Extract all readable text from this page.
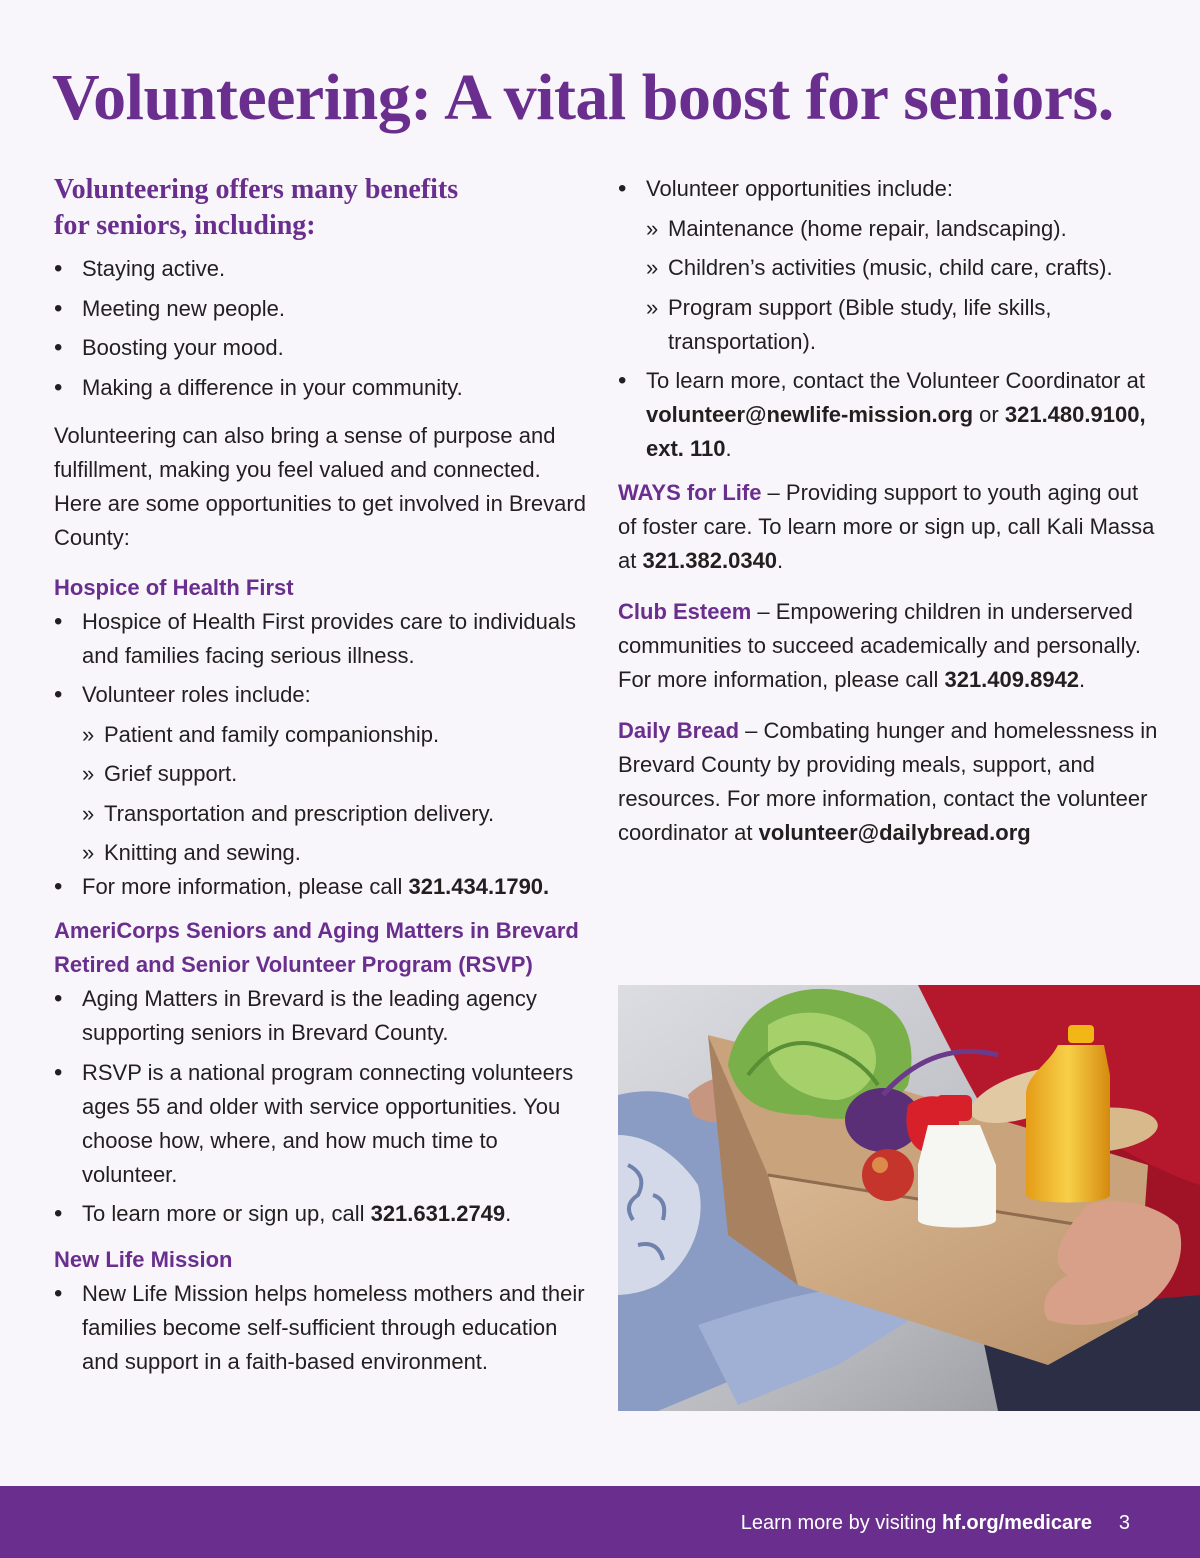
Volunteering: A vital boost for seniors.
Volunteering offers many benefits
for seniors, including:
• Staying active.
• Meeting new people.
• Boosting your mood.
• Making a difference in your community.

Volunteering can also bring a sense of purpose and fulfillment, making you feel valued and connected. Here are some opportunities to get involved in Brevard County:

Hospice of Health First
• Hospice of Health First provides care to individuals and families facing serious illness.
• Volunteer roles include:
» Patient and family companionship.
» Grief support.
» Transportation and prescription delivery.
» Knitting and sewing.
• For more information, please call 321.434.1790.
AmeriCorps Seniors and Aging Matters in Brevard
Retired and Senior Volunteer Program (RSVP)
• Aging Matters in Brevard is the leading agency supporting seniors in Brevard County.
• RSVP is a national program connecting volunteers ages 55 and older with service opportunities. You choose how, where, and how much time to volunteer.
• To learn more or sign up, call 321.631.2749.
New Life Mission
• New Life Mission helps homeless mothers and their families become self-sufficient through education and support in a faith-based environment.
• Volunteer opportunities include:
» Maintenance (home repair, landscaping).
» Children’s activities (music, child care, crafts).
» Program support (Bible study, life skills, transportation).
• To learn more, contact the Volunteer Coordinator at volunteer@newlife-mission.org or 321.480.9100, ext. 110.

WAYS for Life – Providing support to youth aging out of foster care. To learn more or sign up, call Kali Massa at 321.382.0340.

Club Esteem – Empowering children in underserved communities to succeed academically and personally. For more information, please call 321.409.8942.

Daily Bread – Combating hunger and homelessness in Brevard County by providing meals, support, and resources. For more information, contact the volunteer coordinator at volunteer@dailybread.org

Learn more by visiting hf.org/medicare 3
